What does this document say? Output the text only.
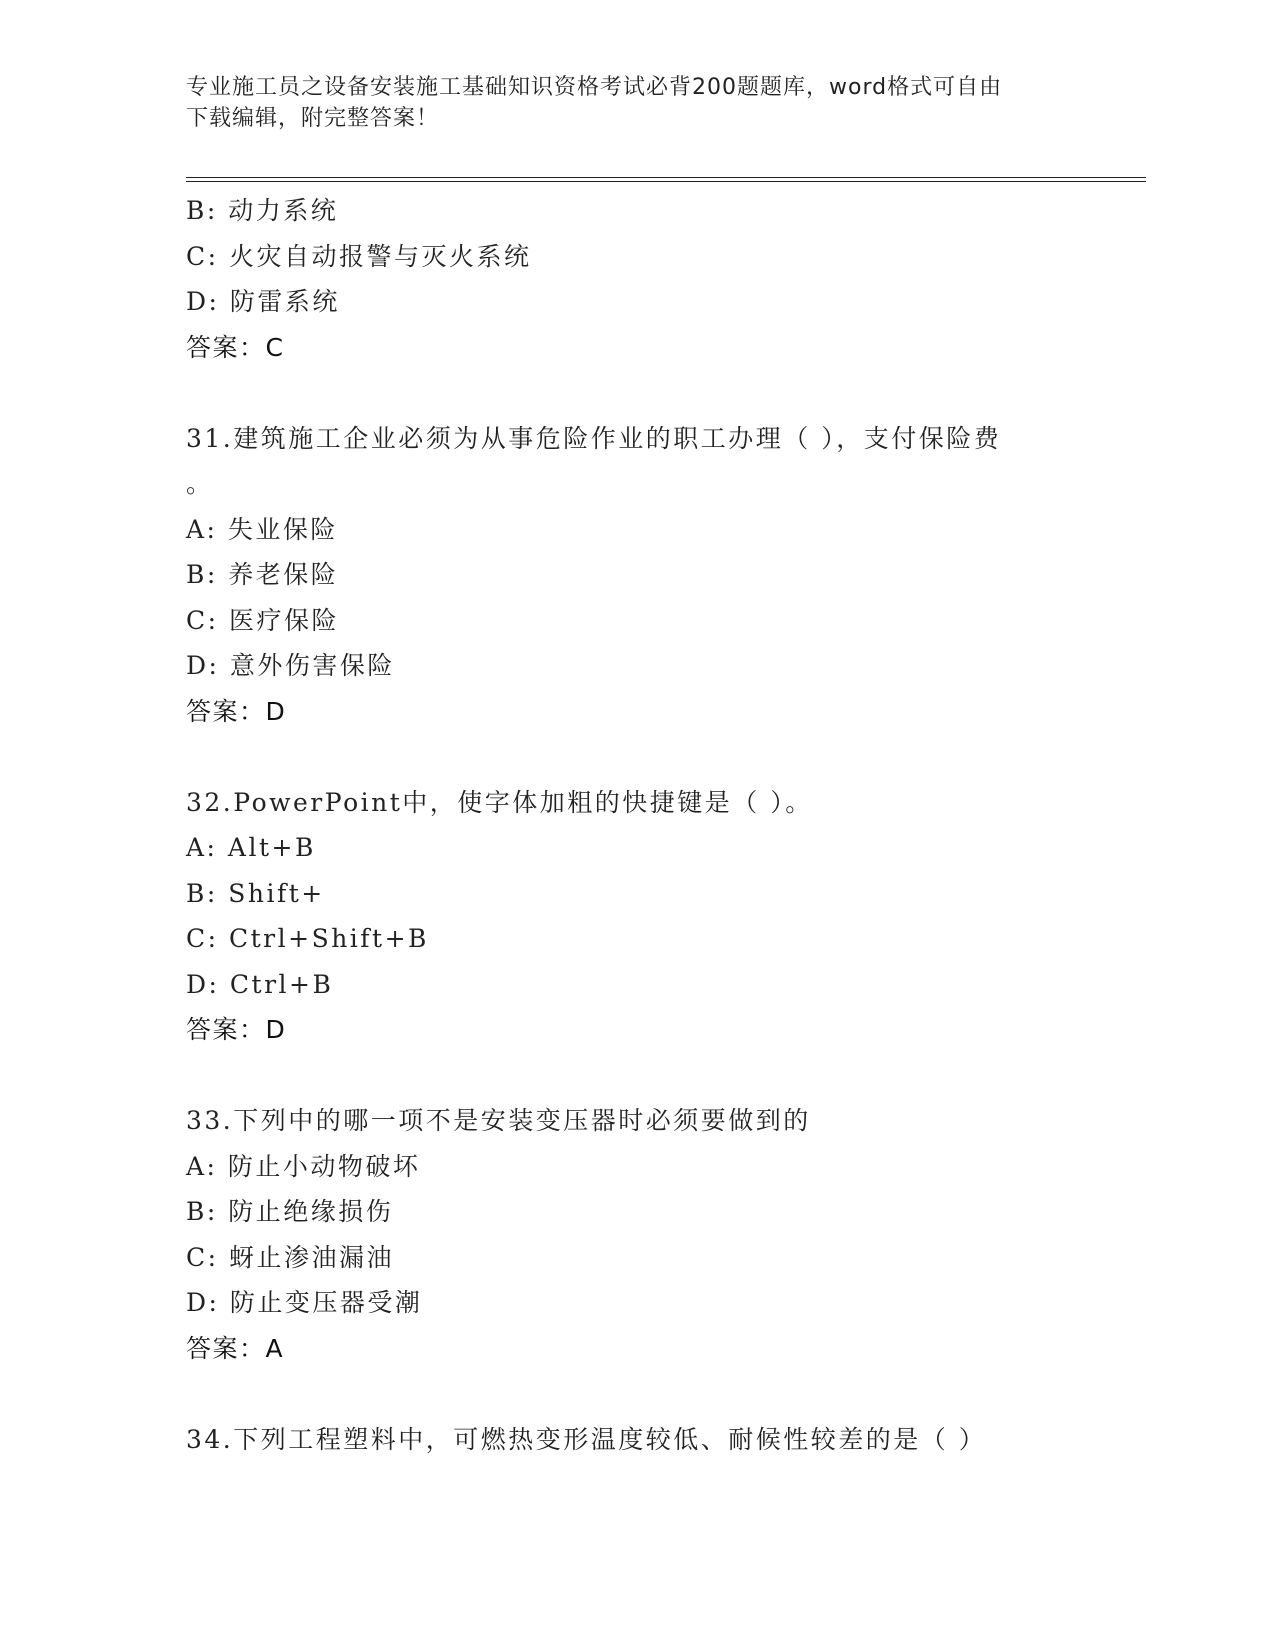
专业施工员之设备安装施工基础知识资格考试必背200题题库，word格式可自由
下载编辑，附完整答案！
B: 动力系统
C: 火灾自动报警与灭火系统
D: 防雷系统
答案：C
31.建筑施工企业必须为从事危险作业的职工办理（ ），支付保险费
。
A: 失业保险
B: 养老保险
C: 医疗保险
D: 意外伤害保险
答案：D
32.PowerPoint中，使字体加粗的快捷键是（ ）。
A: Alt+B
B: Shift+
C: Ctrl+Shift+B
D: Ctrl+B
答案：D
33.下列中的哪一项不是安装变压器时必须要做到的
A: 防止小动物破坏
B: 防止绝缘损伤
C: 蚜止渗油漏油
D: 防止变压器受潮
答案：A
34.下列工程塑料中，可燃热变形温度较低、耐候性较差的是（ ）
